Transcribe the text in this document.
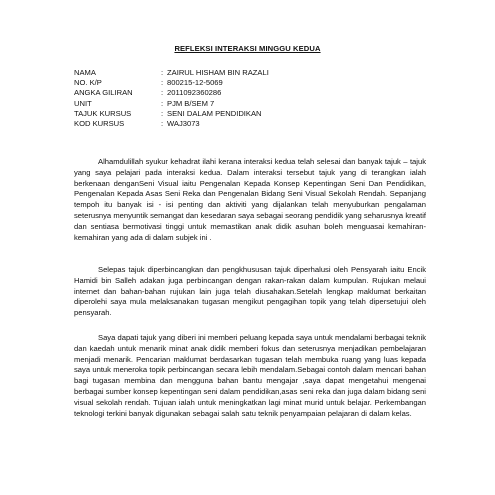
REFLEKSI INTERAKSI MINGGU KEDUA
NAMA	: ZAIRUL HISHAM BIN RAZALI
NO. K/P	: 800215-12-5069
ANGKA GILIRAN	: 2011092360286
UNIT	: PJM B/SEM 7
TAJUK KURSUS	: SENI DALAM PENDIDIKAN
KOD KURSUS	: WAJ3073

Alhamdulillah syukur kehadrat ilahi kerana interaksi kedua telah selesai dan banyak tajuk – tajuk yang saya pelajari pada interaksi kedua. Dalam interaksi tersebut tajuk yang di terangkan ialah berkenaan denganSeni Visual iaitu Pengenalan Kepada Konsep Kepentingan Seni Dan Pendidikan, Pengenalan Kepada Asas Seni Reka dan Pengenalan Bidang Seni Visual Sekolah Rendah. Sepanjang tempoh itu banyak isi - isi penting dan aktiviti yang dijalankan telah menyuburkan pengalaman seterusnya menyuntik semangat dan kesedaran saya sebagai seorang pendidik yang seharusnya kreatif dan sentiasa bermotivasi tinggi untuk memastikan anak didik asuhan boleh menguasai kemahiran-kemahiran yang ada di dalam subjek ini .

Selepas tajuk diperbincangkan dan pengkhususan tajuk diperhalusi oleh Pensyarah iaitu Encik Hamidi bin Salleh adakan juga perbincangan dengan rakan-rakan dalam kumpulan. Rujukan melaui internet dan bahan-bahan rujukan lain juga telah diusahakan.Setelah lengkap maklumat berkaitan diperolehi saya mula melaksanakan tugasan mengikut pengagihan topik yang telah dipersetujui oleh pensyarah.

Saya dapati tajuk yang diberi ini memberi peluang kepada saya untuk mendalami berbagai teknik dan kaedah untuk menarik minat anak didik memberi fokus dan seterusnya menjadikan pembelajaran menjadi menarik. Pencarian maklumat berdasarkan tugasan telah membuka ruang yang luas kepada saya untuk meneroka topik perbincangan secara lebih mendalam.Sebagai contoh dalam mencari bahan bagi tugasan membina dan mengguna bahan bantu mengajar ,saya dapat mengetahui mengenai berbagai sumber konsep kepentingan seni dalam pendidikan,asas seni reka dan juga dalam bidang seni visual sekolah rendah. Tujuan ialah untuk meningkatkan lagi minat murid untuk belajar. Perkembangan teknologi terkini banyak digunakan sebagai salah satu teknik penyampaian pelajaran di dalam kelas.
